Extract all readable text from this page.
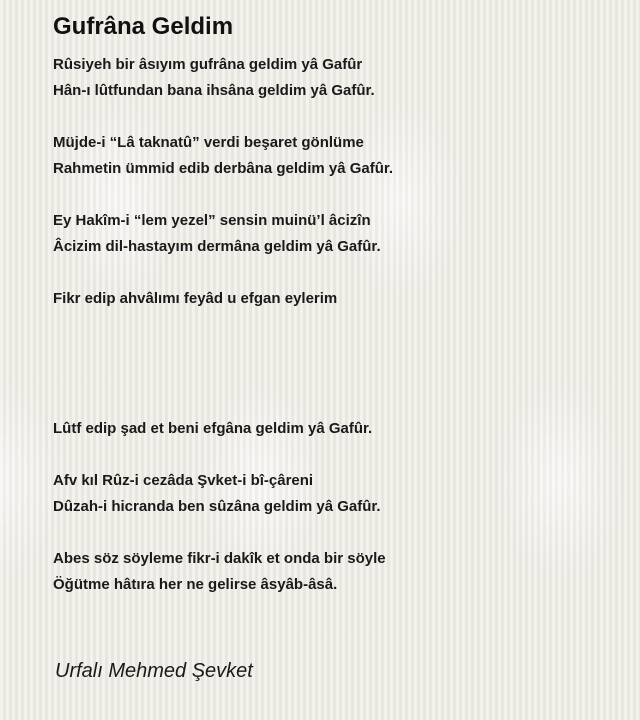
Gufrâna Geldim
Rûsiyeh bir âsıyım gufrâna geldim yâ Gafûr
Hân-ı lûtfundan bana ihsâna geldim yâ Gafûr.
Müjde-i “Lâ taknatû” verdi beşaret gönlüme
Rahmetin ümmid edib derbâna geldim yâ Gafûr.
Ey Hakîm-i “lem yezel” sensin muinü’l âcizîn
Âcizim dil-hastayım dermâna geldim yâ Gafûr.
Fikr edip ahvâlımı feyâd u efgan eylerim
Lûtf edip şad et beni efgâna geldim yâ Gafûr.
Afv kıl Rûz-i cezâda Şvket-i bî-çâreni
Dûzah-i hicranda ben sûzâna geldim yâ Gafûr.
Abes söz söyleme fikr-i dakîk et onda bir söyle
Öğütme hâtıra her ne gelirse âsyâb-âsâ.
Urfalı Mehmed Şevket
